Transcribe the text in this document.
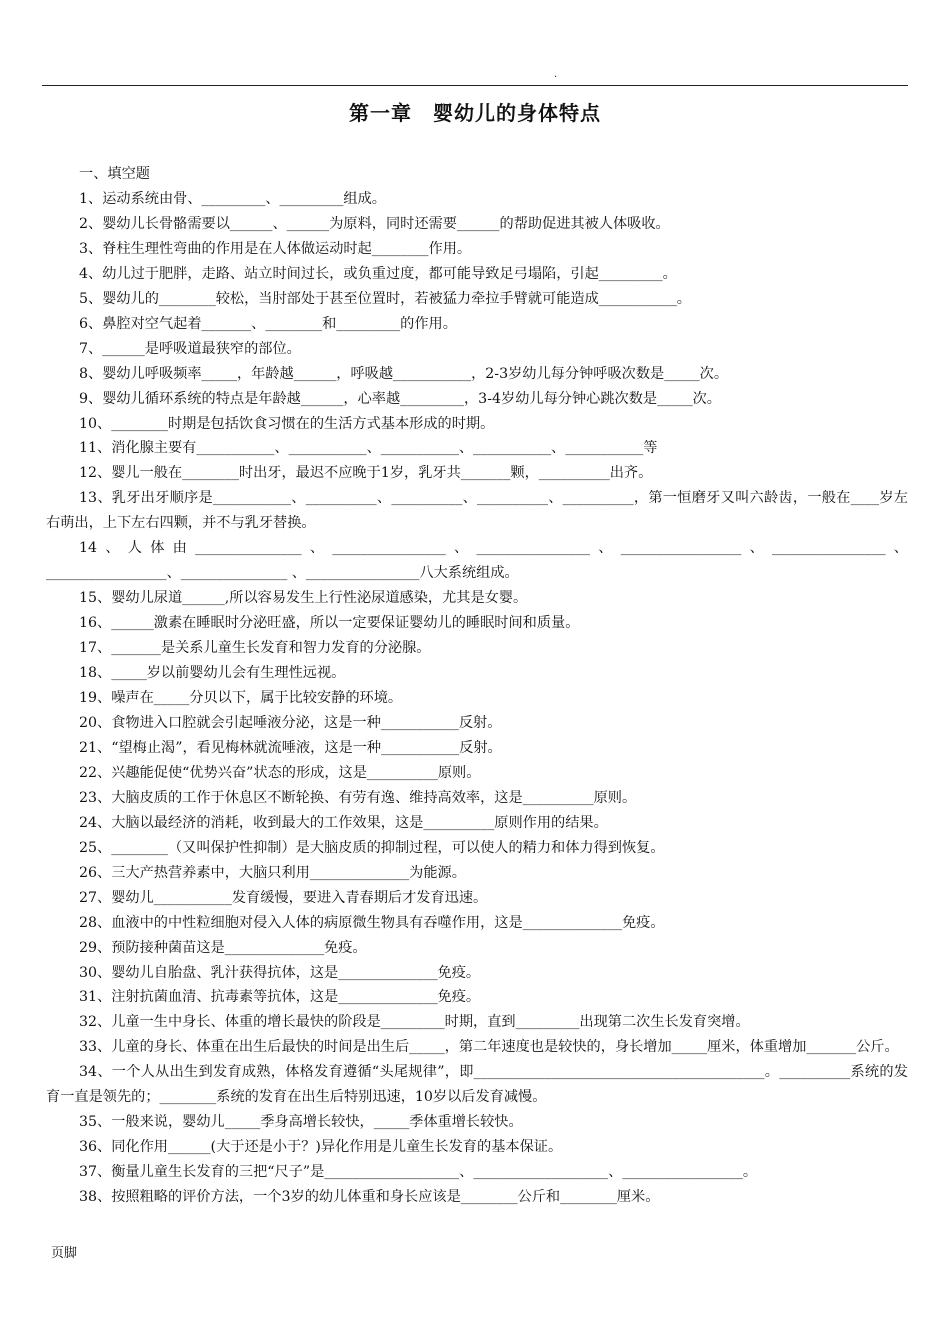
.
第一章　婴幼儿的身体特点

一、填空题

1、运动系统由骨、_________、_________组成。

2、婴幼儿长骨骼需要以______、______为原料，同时还需要______的帮助促进其被人体吸收。

3、脊柱生理性弯曲的作用是在人体做运动时起________作用。

4、幼儿过于肥胖，走路、站立时间过长，或负重过度，都可能导致足弓塌陷，引起_________。

5、婴幼儿的________较松，当肘部处于甚至位置时，若被猛力牵拉手臂就可能造成___________。

6、鼻腔对空气起着_______、________和_________的作用。

7、______是呼吸道最狭窄的部位。

8、婴幼儿呼吸频率_____，年龄越______，呼吸越___________，2-3岁幼儿每分钟呼吸次数是_____次。

9、婴幼儿循环系统的特点是年龄越______，心率越_________，3-4岁幼儿每分钟心跳次数是_____次。

10、________时期是包括饮食习惯在的生活方式基本形成的时期。

11、消化腺主要有___________、___________、___________、___________、___________等

12、婴儿一般在________时出牙，最迟不应晚于1岁，乳牙共_______颗，__________出齐。

13、乳牙出牙顺序是___________、__________、__________、__________、__________，第一恒磨牙又叫六龄齿，一般在____岁左右萌出，上下左右四颗，并不与乳牙替换。

14、人体由_______________、________________、________________、_________________、________________、_________________、_______________ 、________________八大系统组成。

15、婴幼儿尿道______,所以容易发生上行性泌尿道感染，尤其是女婴。

16、______激素在睡眠时分泌旺盛，所以一定要保证婴幼儿的睡眠时间和质量。

17、_______是关系儿童生长发育和智力发育的分泌腺。

18、_____岁以前婴幼儿会有生理性远视。

19、噪声在_____分贝以下，属于比较安静的环境。

20、食物进入口腔就会引起唾液分泌，这是一种___________反射。

21、“望梅止渴”，看见梅林就流唾液，这是一种___________反射。

22、兴趣能促使“优势兴奋”状态的形成，这是__________原则。

23、大脑皮质的工作于休息区不断轮换、有劳有逸、维持高效率，这是__________原则。

24、大脑以最经济的消耗，收到最大的工作效果，这是__________原则作用的结果。

25、________（又叫保护性抑制）是大脑皮质的抑制过程，可以使人的精力和体力得到恢复。

26、三大产热营养素中，大脑只利用______________为能源。

27、婴幼儿___________发育缓慢，要进入青春期后才发育迅速。

28、血液中的中性粒细胞对侵入人体的病原微生物具有吞噬作用，这是______________免疫。

29、预防接种菌苗这是______________免疫。

30、婴幼儿自胎盘、乳汁获得抗体，这是______________免疫。

31、注射抗菌血清、抗毒素等抗体，这是______________免疫。

32、儿童一生中身长、体重的增长最快的阶段是_________时期，直到_________出现第二次生长发育突增。

33、儿童的身长、体重在出生后最快的时间是出生后_____，第二年速度也是较快的，身长增加_____厘米，体重增加_______公斤。

34、一个人从出生到发育成熟，体格发育遵循“头尾规律”，即_________________________________________。__________系统的发育一直是领先的；________系统的发育在出生后特别迅速，10岁以后发育减慢。

35、一般来说，婴幼儿_____季身高增长较快，_____季体重增长较快。

36、同化作用______(大于还是小于？)异化作用是儿童生长发育的基本保证。

37、衡量儿童生长发育的三把“尺子”是___________________、___________________、_________________。

38、按照粗略的评价方法，一个3岁的幼儿体重和身长应该是________公斤和________厘米。

页脚
